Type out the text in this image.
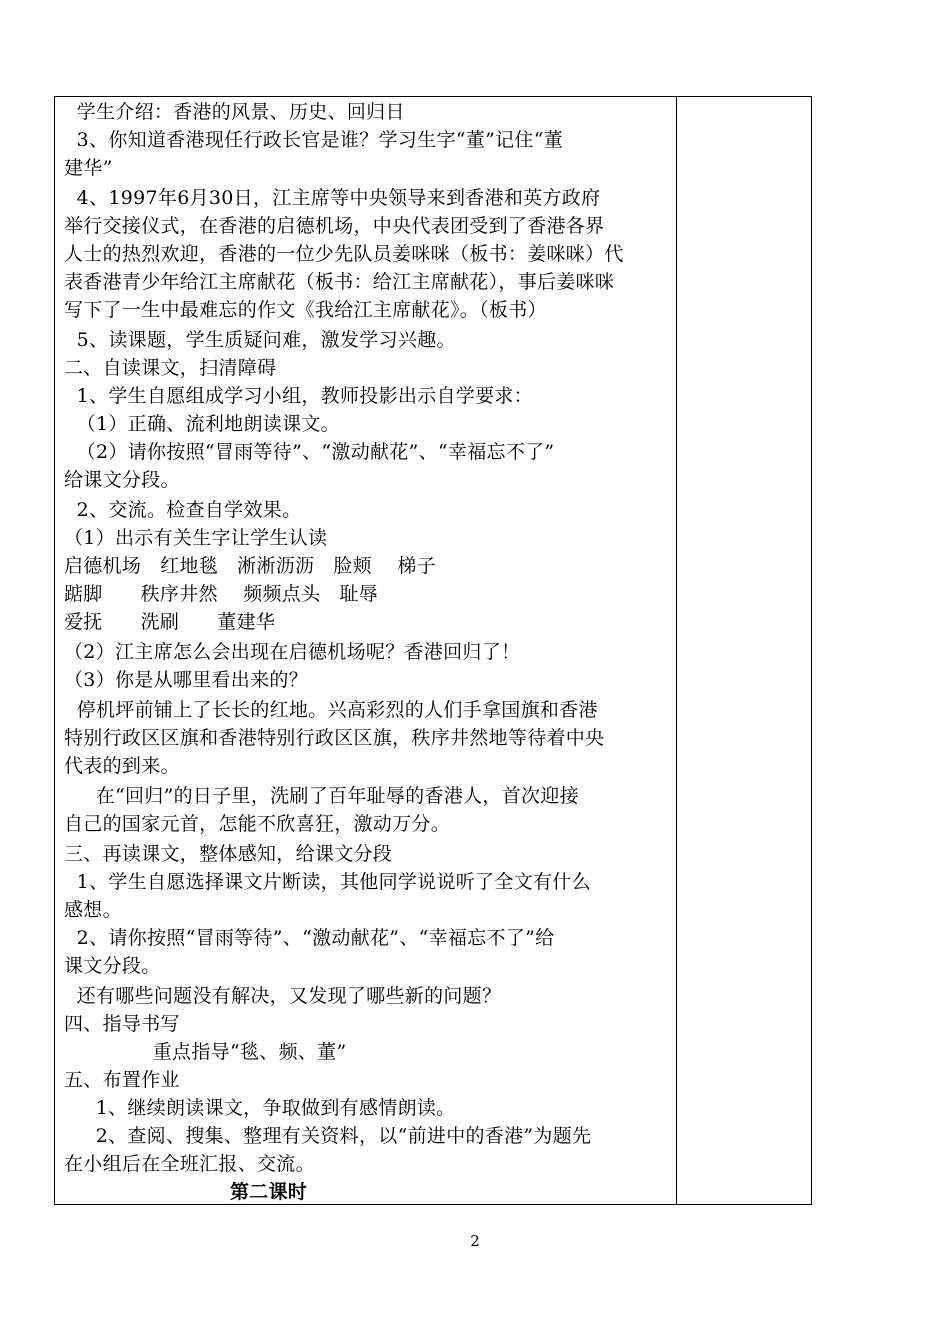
学生介绍：香港的风景、历史、回归日
3、你知道香港现任行政长官是谁？学习生字“董”记住“董
建华”
4、1997年6月30日，江主席等中央领导来到香港和英方政府
举行交接仪式，在香港的启德机场，中央代表团受到了香港各界
人士的热烈欢迎，香港的一位少先队员姜咪咪（板书：姜咪咪）代
表香港青少年给江主席献花（板书：给江主席献花），事后姜咪咪
写下了一生中最难忘的作文《我给江主席献花》。（板书）
5、读课题，学生质疑问难，激发学习兴趣。
二、自读课文，扫清障碍
1、学生自愿组成学习小组，教师投影出示自学要求：
（1）正确、流利地朗读课文。
（2）请你按照“冒雨等待”、“激动献花”、“幸福忘不了”
给课文分段。
2、交流。检查自学效果。
（1）出示有关生字让学生认读
启德机场   红地毯   淅淅沥沥   脸颊    梯子
踮脚      秩序井然    频频点头   耻辱
爱抚      洗刷      董建华
（2）江主席怎么会出现在启德机场呢？香港回归了！
（3）你是从哪里看出来的？
停机坪前铺上了长长的红地。兴高彩烈的人们手拿国旗和香港
特别行政区区旗和香港特别行政区区旗，秩序井然地等待着中央
代表的到来。
在“回归”的日子里，洗刷了百年耻辱的香港人，首次迎接
自己的国家元首，怎能不欣喜狂，激动万分。
三、再读课文，整体感知，给课文分段
1、学生自愿选择课文片断读，其他同学说说听了全文有什么
感想。
2、请你按照“冒雨等待”、“激动献花”、“幸福忘不了”给
课文分段。
还有哪些问题没有解决，又发现了哪些新的问题？
四、指导书写
重点指导“毯、频、董”
五、布置作业
1、继续朗读课文，争取做到有感情朗读。
2、查阅、搜集、整理有关资料，以“前进中的香港”为题先
在小组后在全班汇报、交流。
第二课时
2
